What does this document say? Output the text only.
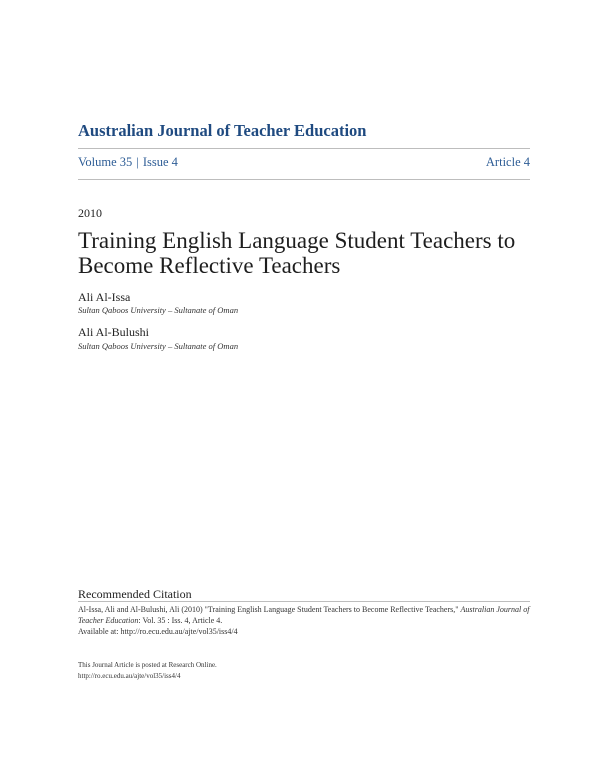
Australian Journal of Teacher Education
Volume 35 | Issue 4	Article 4
2010
Training English Language Student Teachers to
Become Reflective Teachers
Ali Al-Issa
Sultan Qaboos University – Sultanate of Oman
Ali Al-Bulushi
Sultan Qaboos University – Sultanate of Oman
Recommended Citation
Al-Issa, Ali and Al-Bulushi, Ali (2010) "Training English Language Student Teachers to Become Reflective Teachers," Australian Journal of Teacher Education: Vol. 35 : Iss. 4, Article 4.
Available at: http://ro.ecu.edu.au/ajte/vol35/iss4/4
This Journal Article is posted at Research Online.
http://ro.ecu.edu.au/ajte/vol35/iss4/4
